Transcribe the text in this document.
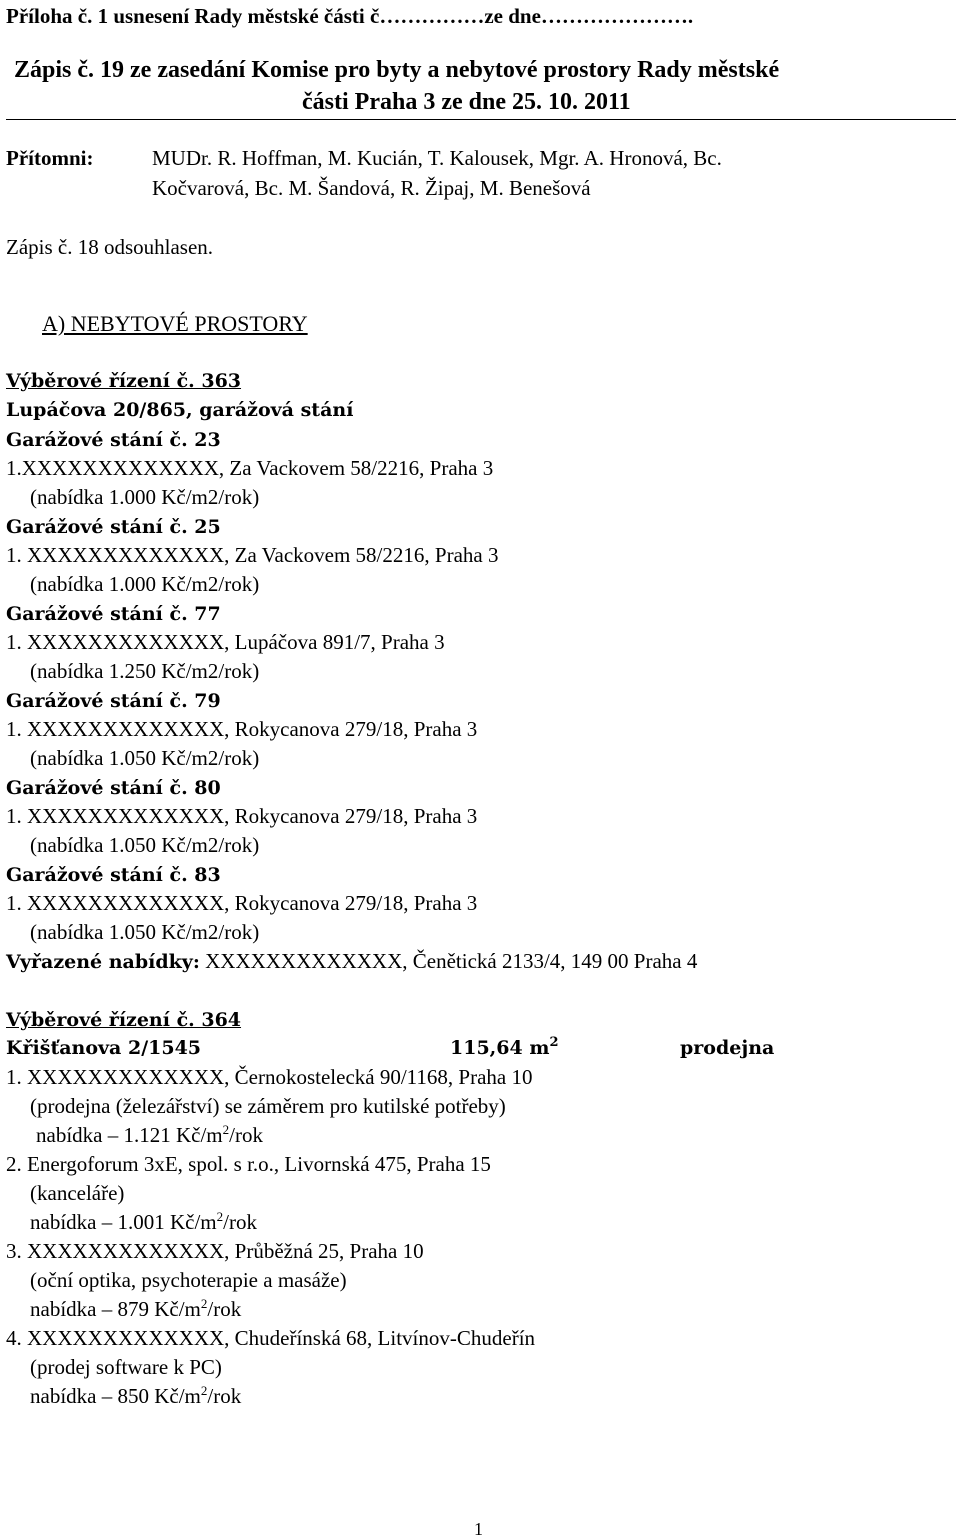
Příloha č. 1 usnesení Rady městské části č……………ze dne………………….
Zápis č. 19 ze zasedání Komise pro byty a nebytové prostory Rady městské
části Praha 3 ze dne 25. 10. 2011
Přítomni:	MUDr. R. Hoffman, M. Kucián, T. Kalousek, Mgr. A. Hronová, Bc.
Kočvarová, Bc. M. Šandová, R. Žipaj, M. Benešová
Zápis č. 18 odsouhlasen.
A) NEBYTOVÉ PROSTORY
Výběrové řízení č. 363
Lupáčova 20/865, garážová stání
Garážové stání č. 23
1.XXXXXXXXXXXXX, Za Vackovem 58/2216, Praha 3
(nabídka 1.000 Kč/m2/rok)
Garážové stání č. 25
1. XXXXXXXXXXXXX, Za Vackovem 58/2216, Praha 3
(nabídka 1.000 Kč/m2/rok)
Garážové stání č. 77
1. XXXXXXXXXXXXX, Lupáčova 891/7, Praha 3
(nabídka 1.250 Kč/m2/rok)
Garážové stání č. 79
1. XXXXXXXXXXXXX, Rokycanova 279/18, Praha 3
(nabídka 1.050 Kč/m2/rok)
Garážové stání č. 80
1. XXXXXXXXXXXXX, Rokycanova 279/18, Praha 3
(nabídka 1.050 Kč/m2/rok)
Garážové stání č. 83
1. XXXXXXXXXXXXX, Rokycanova 279/18, Praha 3
(nabídka 1.050 Kč/m2/rok)
Vyřazené nabídky: XXXXXXXXXXXXX, Čenětická 2133/4, 149 00 Praha 4
Výběrové řízení č. 364
Křišťanova 2/1545	115,64 $m^2$	prodejna
1. XXXXXXXXXXXXX, Černokostelecká 90/1168, Praha 10
(prodejna (železářství) se záměrem pro kutilské potřeby)
nabídka – 1.121 $Kč/m^2$/rok
2. Energoforum 3xE, spol. s r.o., Livornská 475, Praha 15
(kanceláře)
nabídka – 1.001 $Kč/m^2$/rok
3. XXXXXXXXXXXXX, Průběžná 25, Praha 10
(oční optika, psychoterapie a masáže)
nabídka – 879 $Kč/m^2$/rok
4. XXXXXXXXXXXXX, Chudeřínská 68, Litvínov-Chudeřín
(prodej software k PC)
nabídka – 850 $Kč/m^2$/rok
1
